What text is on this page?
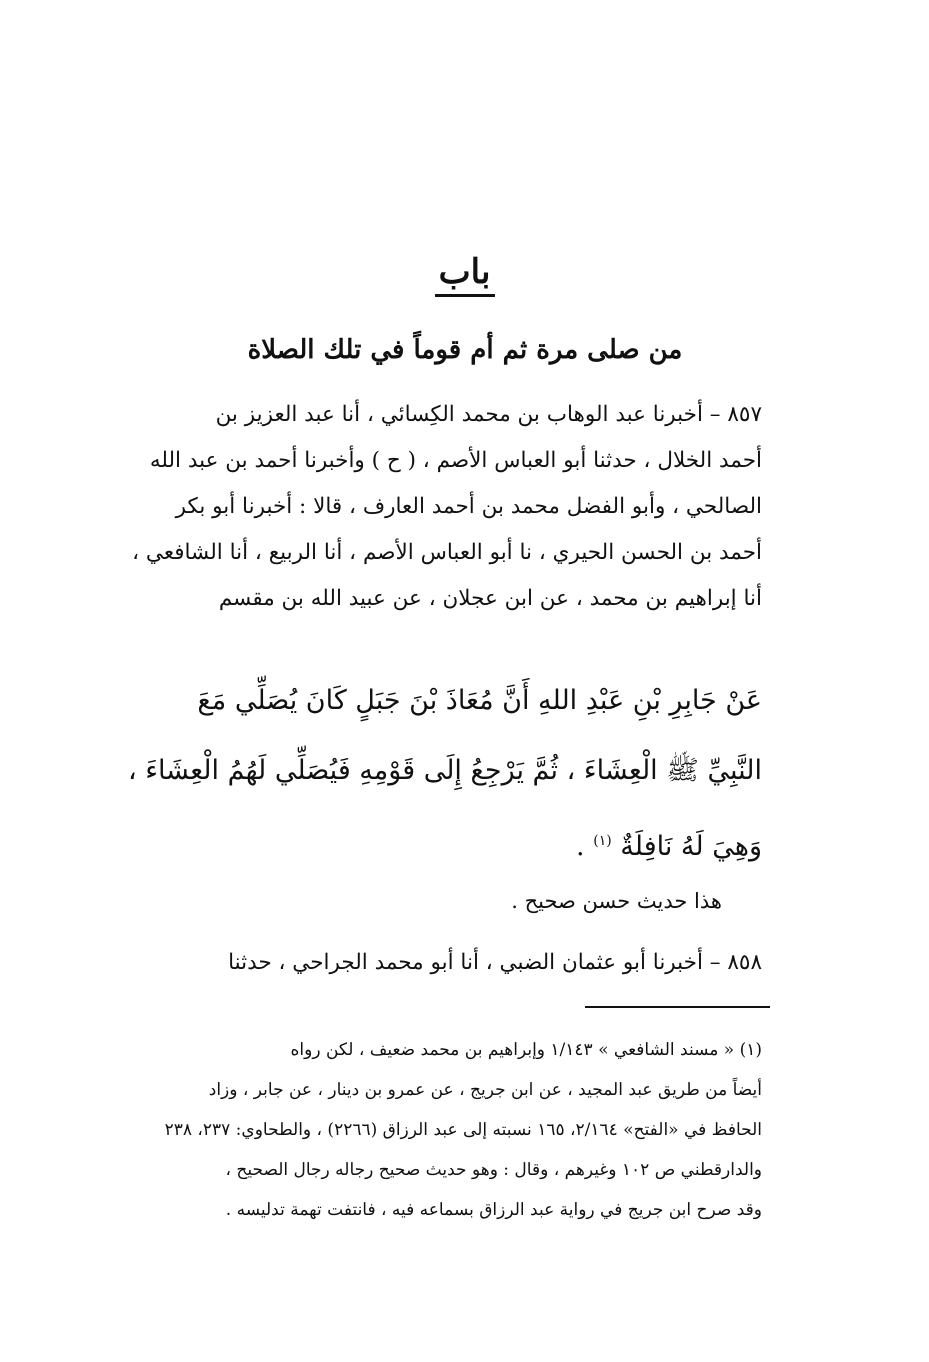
باب
من صلى مرة ثم أم قوماً في تلك الصلاة

٨٥٧ – أخبرنا عبد الوهاب بن محمد الكِسائي ، أنا عبد العزيز بن

أحمد الخلال ، حدثنا أبو العباس الأصم ، ( ح ) وأخبرنا أحمد بن عبد الله

الصالحي ، وأبو الفضل محمد بن أحمد العارف ، قالا : أخبرنا أبو بكر

أحمد بن الحسن الحيري ، نا أبو العباس الأصم ، أنا الربيع ، أنا الشافعي ،

أنا إبراهيم بن محمد ، عن ابن عجلان ، عن عبيد الله بن مقسم

عَنْ جَابِرِ بْنِ عَبْدِ اللهِ أَنَّ مُعَاذَ بْنَ جَبَلٍ كَانَ يُصَلِّي مَعَ

النَّبِيِّ ﷺ الْعِشَاءَ ، ثُمَّ يَرْجِعُ إِلَى قَوْمِهِ فَيُصَلِّي لَهُمُ الْعِشَاءَ ،

وَهِيَ لَهُ نَافِلَةٌ $^{(١)}$ .

هذا حديث حسن صحيح .
٨٥٨ – أخبرنا أبو عثمان الضبي ، أنا أبو محمد الجراحي ، حدثنا

(١) « مسند الشافعي » ١/١٤٣ وإبراهيم بن محمد ضعيف ، لكن رواه

أيضاً من طريق عبد المجيد ، عن ابن جريج ، عن عمرو بن دينار ، عن جابر ، وزاد

الحافظ في «الفتح» ٢/١٦٤، ١٦٥ نسبته إلى عبد الرزاق (٢٢٦٦) ، والطحاوي: ٢٣٧، ٢٣٨

والدارقطني ص ١٠٢ وغيرهم ، وقال : وهو حديث صحيح رجاله رجال الصحيح ،

وقد صرح ابن جريج في رواية عبد الرزاق بسماعه فيه ، فانتفت تهمة تدليسه .
